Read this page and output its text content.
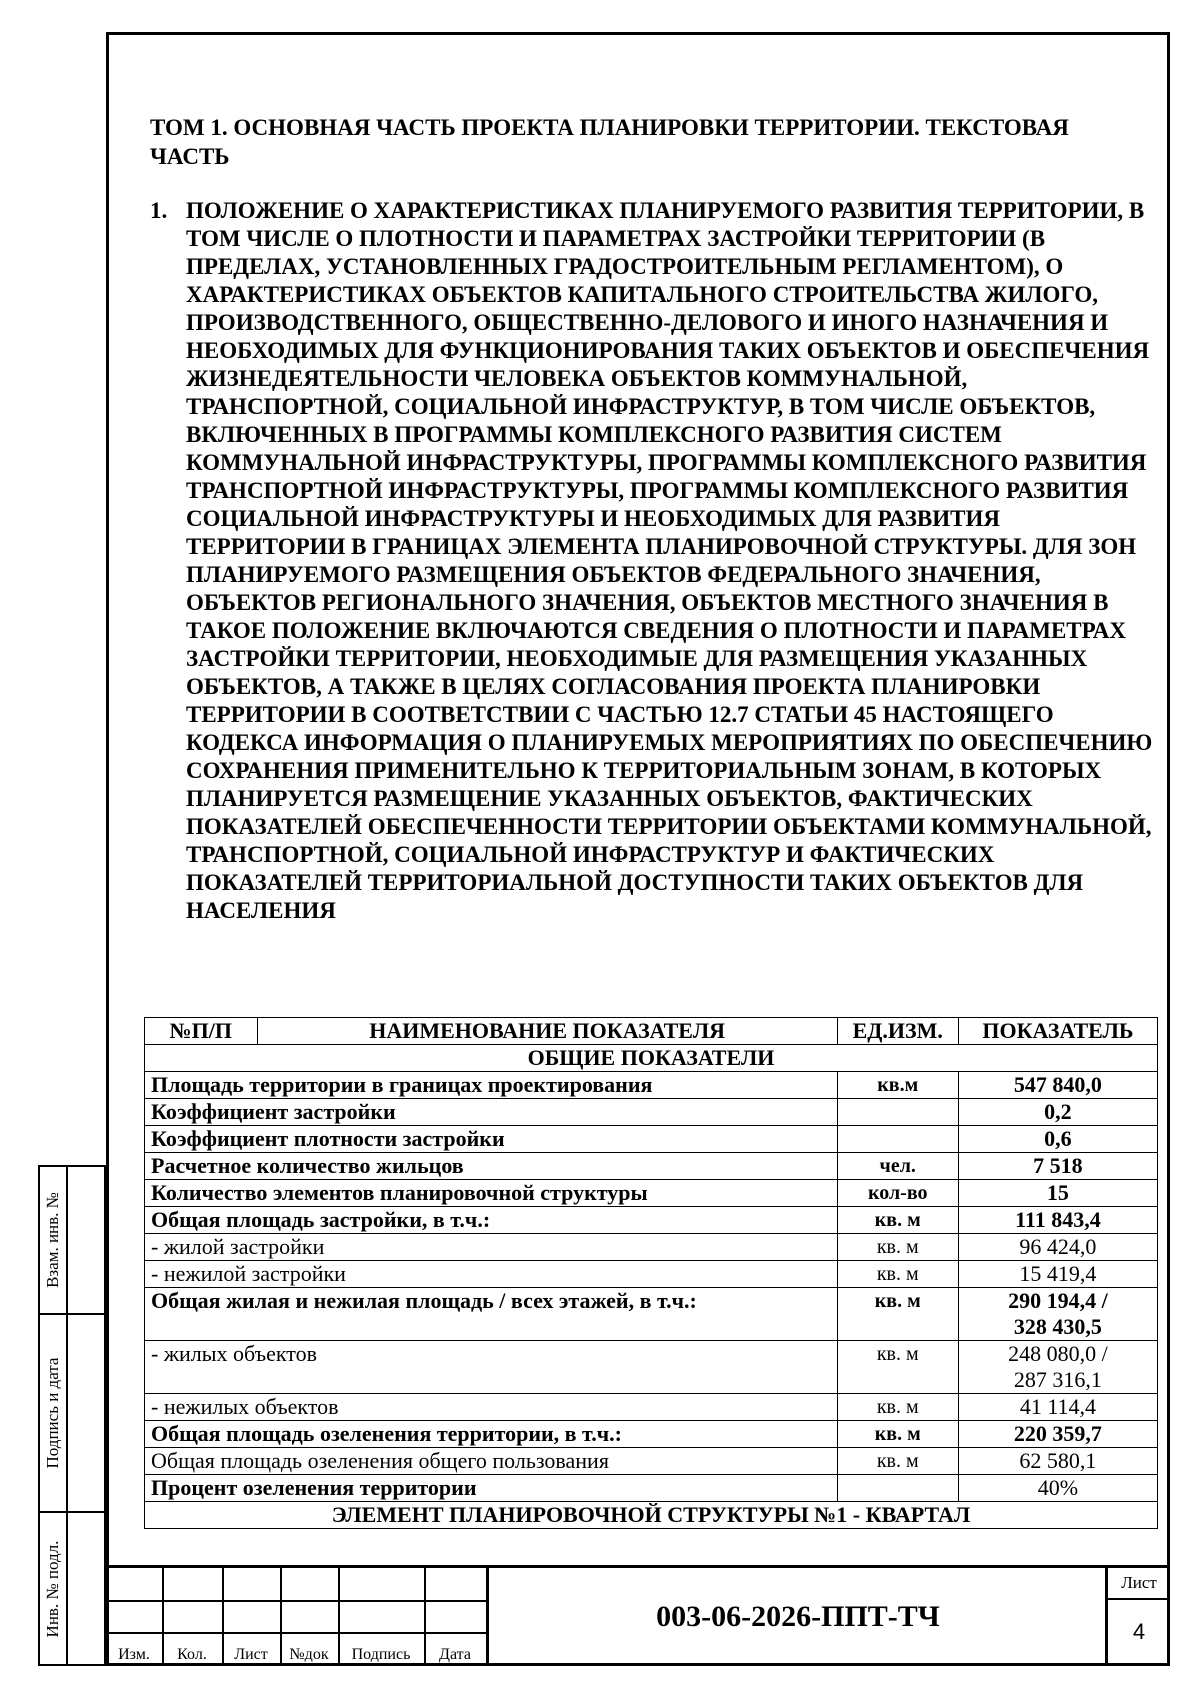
ТОМ 1. ОСНОВНАЯ ЧАСТЬ ПРОЕКТА ПЛАНИРОВКИ ТЕРРИТОРИИ. ТЕКСТОВАЯ ЧАСТЬ
1. ПОЛОЖЕНИЕ О ХАРАКТЕРИСТИКАХ ПЛАНИРУЕМОГО РАЗВИТИЯ ТЕРРИТОРИИ, В ТОМ ЧИСЛЕ О ПЛОТНОСТИ И ПАРАМЕТРАХ ЗАСТРОЙКИ ТЕРРИТОРИИ (В ПРЕДЕЛАХ, УСТАНОВЛЕННЫХ ГРАДОСТРОИТЕЛЬНЫМ РЕГЛАМЕНТОМ), О ХАРАКТЕРИСТИКАХ ОБЪЕКТОВ КАПИТАЛЬНОГО СТРОИТЕЛЬСТВА ЖИЛОГО, ПРОИЗВОДСТВЕННОГО, ОБЩЕСТВЕННО-ДЕЛОВОГО И ИНОГО НАЗНАЧЕНИЯ И НЕОБХОДИМЫХ ДЛЯ ФУНКЦИОНИРОВАНИЯ ТАКИХ ОБЪЕКТОВ И ОБЕСПЕЧЕНИЯ ЖИЗНЕДЕЯТЕЛЬНОСТИ ЧЕЛОВЕКА ОБЪЕКТОВ КОММУНАЛЬНОЙ, ТРАНСПОРТНОЙ, СОЦИАЛЬНОЙ ИНФРАСТРУКТУР, В ТОМ ЧИСЛЕ ОБЪЕКТОВ, ВКЛЮЧЕННЫХ В ПРОГРАММЫ КОМПЛЕКСНОГО РАЗВИТИЯ СИСТЕМ КОММУНАЛЬНОЙ ИНФРАСТРУКТУРЫ, ПРОГРАММЫ КОМПЛЕКСНОГО РАЗВИТИЯ ТРАНСПОРТНОЙ ИНФРАСТРУКТУРЫ, ПРОГРАММЫ КОМПЛЕКСНОГО РАЗВИТИЯ СОЦИАЛЬНОЙ ИНФРАСТРУКТУРЫ И НЕОБХОДИМЫХ ДЛЯ РАЗВИТИЯ ТЕРРИТОРИИ В ГРАНИЦАХ ЭЛЕМЕНТА ПЛАНИРОВОЧНОЙ СТРУКТУРЫ. ДЛЯ ЗОН ПЛАНИРУЕМОГО РАЗМЕЩЕНИЯ ОБЪЕКТОВ ФЕДЕРАЛЬНОГО ЗНАЧЕНИЯ, ОБЪЕКТОВ РЕГИОНАЛЬНОГО ЗНАЧЕНИЯ, ОБЪЕКТОВ МЕСТНОГО ЗНАЧЕНИЯ В ТАКОЕ ПОЛОЖЕНИЕ ВКЛЮЧАЮТСЯ СВЕДЕНИЯ О ПЛОТНОСТИ И ПАРАМЕТРАХ ЗАСТРОЙКИ ТЕРРИТОРИИ, НЕОБХОДИМЫЕ ДЛЯ РАЗМЕЩЕНИЯ УКАЗАННЫХ ОБЪЕКТОВ, А ТАКЖЕ В ЦЕЛЯХ СОГЛАСОВАНИЯ ПРОЕКТА ПЛАНИРОВКИ ТЕРРИТОРИИ В СООТВЕТСТВИИ С ЧАСТЬЮ 12.7 СТАТЬИ 45 НАСТОЯЩЕГО КОДЕКСА ИНФОРМАЦИЯ О ПЛАНИРУЕМЫХ МЕРОПРИЯТИЯХ ПО ОБЕСПЕЧЕНИЮ СОХРАНЕНИЯ ПРИМЕНИТЕЛЬНО К ТЕРРИТОРИАЛЬНЫМ ЗОНАМ, В КОТОРЫХ ПЛАНИРУЕТСЯ РАЗМЕЩЕНИЕ УКАЗАННЫХ ОБЪЕКТОВ, ФАКТИЧЕСКИХ ПОКАЗАТЕЛЕЙ ОБЕСПЕЧЕННОСТИ ТЕРРИТОРИИ ОБЪЕКТАМИ КОММУНАЛЬНОЙ, ТРАНСПОРТНОЙ, СОЦИАЛЬНОЙ ИНФРАСТРУКТУР И ФАКТИЧЕСКИХ ПОКАЗАТЕЛЕЙ ТЕРРИТОРИАЛЬНОЙ ДОСТУПНОСТИ ТАКИХ ОБЪЕКТОВ ДЛЯ НАСЕЛЕНИЯ
№П/П	НАИМЕНОВАНИЕ ПОКАЗАТЕЛЯ	ЕД.ИЗМ.	ПОКАЗАТЕЛЬ
ОБЩИЕ ПОКАЗАТЕЛИ			
Площадь территории в границах проектирования		кв.м	547 840,0
Коэффициент застройки			0,2
Коэффициент плотности застройки			0,6
Расчетное количество жильцов		чел.	7 518
Количество элементов планировочной структуры		кол-во	15
Общая площадь застройки, в т.ч.:		кв. м	111 843,4
- жилой застройки		кв. м	96 424,0
- нежилой застройки		кв. м	15 419,4
Общая жилая и нежилая площадь / всех этажей, в т.ч.:		кв. м	290 194,4 /
328 430,5

- жилых объектов		кв. м	248 080,0 /
287 316,1

- нежилых объектов		кв. м	41 114,4
Общая площадь озеленения территории, в т.ч.:		кв. м	220 359,7
Общая площадь озеленения общего пользования		кв. м	62 580,1
Процент озеленения территории			40%
ЭЛЕМЕНТ ПЛАНИРОВОЧНОЙ СТРУКТУРЫ №1 - КВАРТАЛ			
Взам. инв. №
Подпись и дата
Инв. № подл.
Изм.	Кол.	Лист	№док	Подпись	Дата
003-06-2026-ППТ-ТЧ
Лист
4
